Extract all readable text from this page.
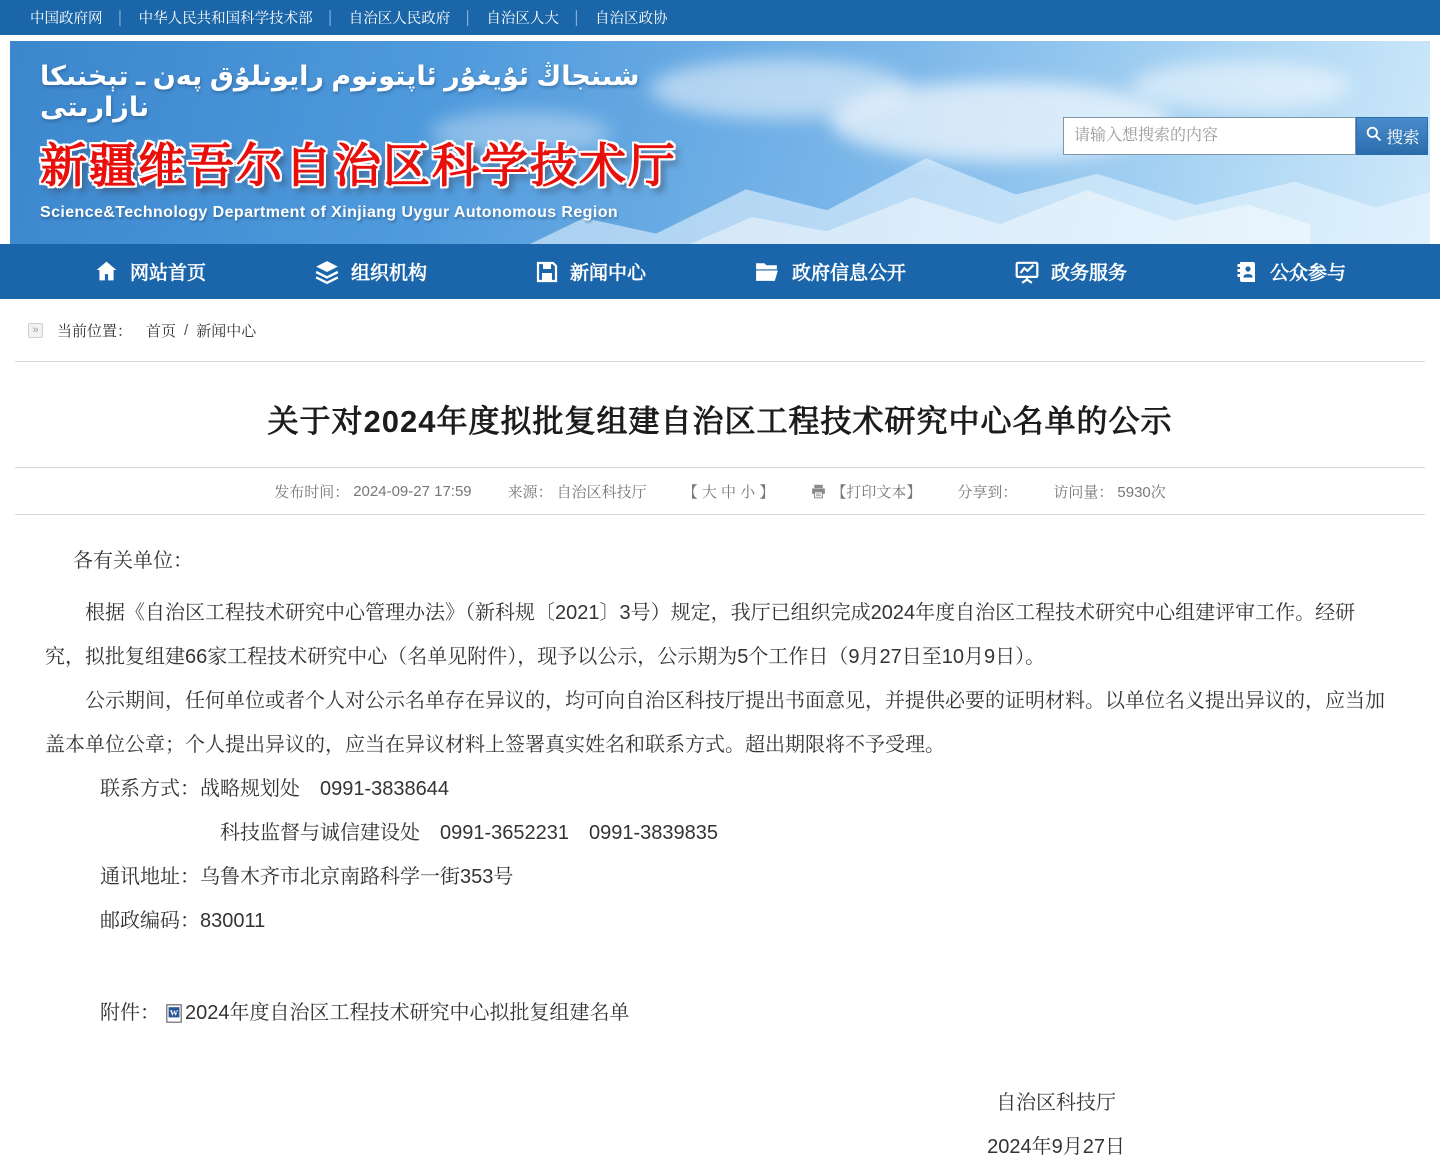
中国政府网 │ 中华人民共和国科学技术部 │ 自治区人民政府 │ 自治区人大 │ 自治区政协
شىنجاڭ ئۇيغۇر ئاپتونوم رايونلۇق پەن ـ تېخنىكا نازارىتى
新疆维吾尔自治区科学技术厅
Science&Technology Department of Xinjiang Uygur Autonomous Region
请输入想搜索的内容
搜索
网站首页	组织机构	新闻中心	政府信息公开	政务服务	公众参与
» 当前位置： 首页 / 新闻中心
关于对2024年度拟批复组建自治区工程技术研究中心名单的公示
发布时间： 2024-09-27 17:59 来源： 自治区科技厅 【 大 中 小 】	【打印文本】 分享到： 访问量： 5930次

各有关单位：

根据《自治区工程技术研究中心管理办法》（新科规〔2021〕3号）规定，我厅已组织完成2024年度自治区工程技术研究中心组建评审工作。经研究，拟批复组建66家工程技术研究中心（名单见附件），现予以公示，公示期为5个工作日（9月27日至10月9日）。

公示期间，任何单位或者个人对公示名单存在异议的，均可向自治区科技厅提出书面意见，并提供必要的证明材料。以单位名义提出异议的，应当加盖本单位公章；个人提出异议的，应当在异议材料上签署真实姓名和联系方式。超出期限将不予受理。

联系方式：战略规划处　0991-3838644

科技监督与诚信建设处　0991-3652231　0991-3839835

通讯地址：乌鲁木齐市北京南路科学一街353号

邮政编码：830011

附件： W 2024年度自治区工程技术研究中心拟批复组建名单
自治区科技厅
2024年9月27日
